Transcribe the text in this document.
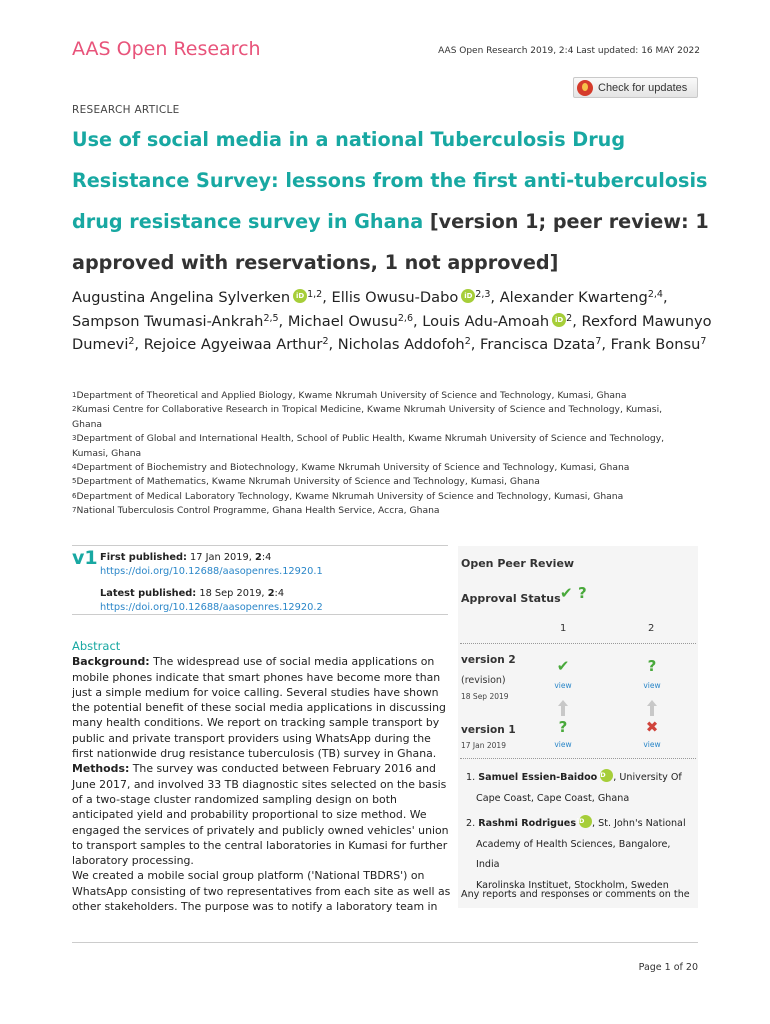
AAS Open Research	AAS Open Research 2019, 2:4 Last updated: 16 MAY 2022
Check for updates
RESEARCH ARTICLE
Use of social media in a national Tuberculosis Drug Resistance Survey: lessons from the first anti-tuberculosis drug resistance survey in Ghana [version 1; peer review: 1 approved with reservations, 1 not approved]
Augustina Angelina Sylverken iD $^{1,2}$, Ellis Owusu-Dabo iD $^{2,3}$, Alexander Kwarteng$^{2,4}$, Sampson Twumasi-Ankrah$^{2,5}$, Michael Owusu$^{2,6}$, Louis Adu-Amoah iD $^2$, Rexford Mawunyo Dumevi$^2$, Rejoice Agyeiwaa Arthur$^2$, Nicholas Addofoh$^2$, Francisca Dzata$^7$, Frank Bonsu$^7$
$^1$Department of Theoretical and Applied Biology, Kwame Nkrumah University of Science and Technology, Kumasi, Ghana
$^2$Kumasi Centre for Collaborative Research in Tropical Medicine, Kwame Nkrumah University of Science and Technology, Kumasi, Ghana
$^3$Department of Global and International Health, School of Public Health, Kwame Nkrumah University of Science and Technology, Kumasi, Ghana
$^4$Department of Biochemistry and Biotechnology, Kwame Nkrumah University of Science and Technology, Kumasi, Ghana
$^5$Department of Mathematics, Kwame Nkrumah University of Science and Technology, Kumasi, Ghana
$^6$Department of Medical Laboratory Technology, Kwame Nkrumah University of Science and Technology, Kumasi, Ghana
$^7$National Tuberculosis Control Programme, Ghana Health Service, Accra, Ghana
v1 First published: 17 Jan 2019, 2:4
https://doi.org/10.12688/aasopenres.12920.1
Latest published: 18 Sep 2019, 2:4
https://doi.org/10.12688/aasopenres.12920.2
Abstract
Background: The widespread use of social media applications on mobile phones indicate that smart phones have become more than just a simple medium for voice calling. Several studies have shown the potential benefit of these social media applications in discussing many health conditions. We report on tracking sample transport by public and private transport providers using WhatsApp during the first nationwide drug resistance tuberculosis (TB) survey in Ghana.
Methods: The survey was conducted between February 2016 and June 2017, and involved 33 TB diagnostic sites selected on the basis of a two-stage cluster randomized sampling design on both anticipated yield and probability proportional to size method. We engaged the services of privately and publicly owned vehicles' union to transport samples to the central laboratories in Kumasi for further laboratory processing.
We created a mobile social group platform ('National TBDRS') on WhatsApp consisting of two representatives from each site as well as other stakeholders. The purpose was to notify a laboratory team in
Open Peer Review
Approval Status ✔ ?
1	2
version 2
(revision)
18 Sep 2019
✔
view
?
view
version 1
17 Jan 2019
?
view
✖
view
1. Samuel Essien-BaidooiD , University Of
Cape Coast, Cape Coast, Ghana
2. Rashmi RodriguesiD , St. John's National
Academy of Health Sciences, Bangalore, India
Karolinska Instituet, Stockholm, Sweden
Any reports and responses or comments on the
Page 1 of 20
